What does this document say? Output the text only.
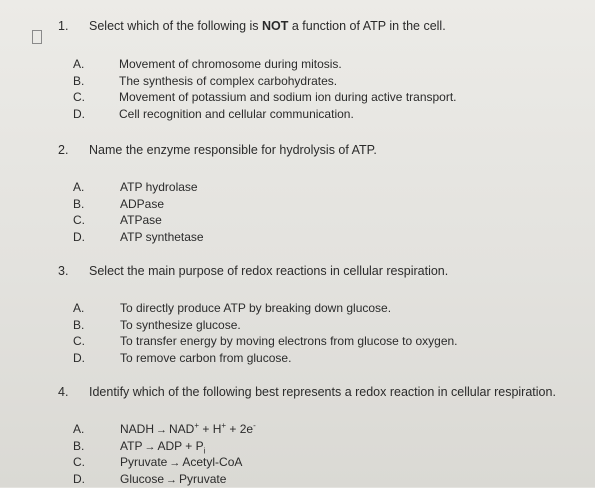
1. Select which of the following is NOT a function of ATP in the cell.
A.	Movement of chromosome during mitosis.
B.	The synthesis of complex carbohydrates.
C.	Movement of potassium and sodium ion during active transport.
D.	Cell recognition and cellular communication.
2. Name the enzyme responsible for hydrolysis of ATP.
A.	ATP hydrolase
B.	ADPase
C.	ATPase
D.	ATP synthetase
3. Select the main purpose of redox reactions in cellular respiration.
A.	To directly produce ATP by breaking down glucose.
B.	To synthesize glucose.
C.	To transfer energy by moving electrons from glucose to oxygen.
D.	To remove carbon from glucose.
4. Identify which of the following best represents a redox reaction in cellular respiration.
A.	NADH → NAD+ + H+ + 2e-
B.	ATP → ADP + $P_i$
C.	Pyruvate → Acetyl-CoA
D.	Glucose → Pyruvate
